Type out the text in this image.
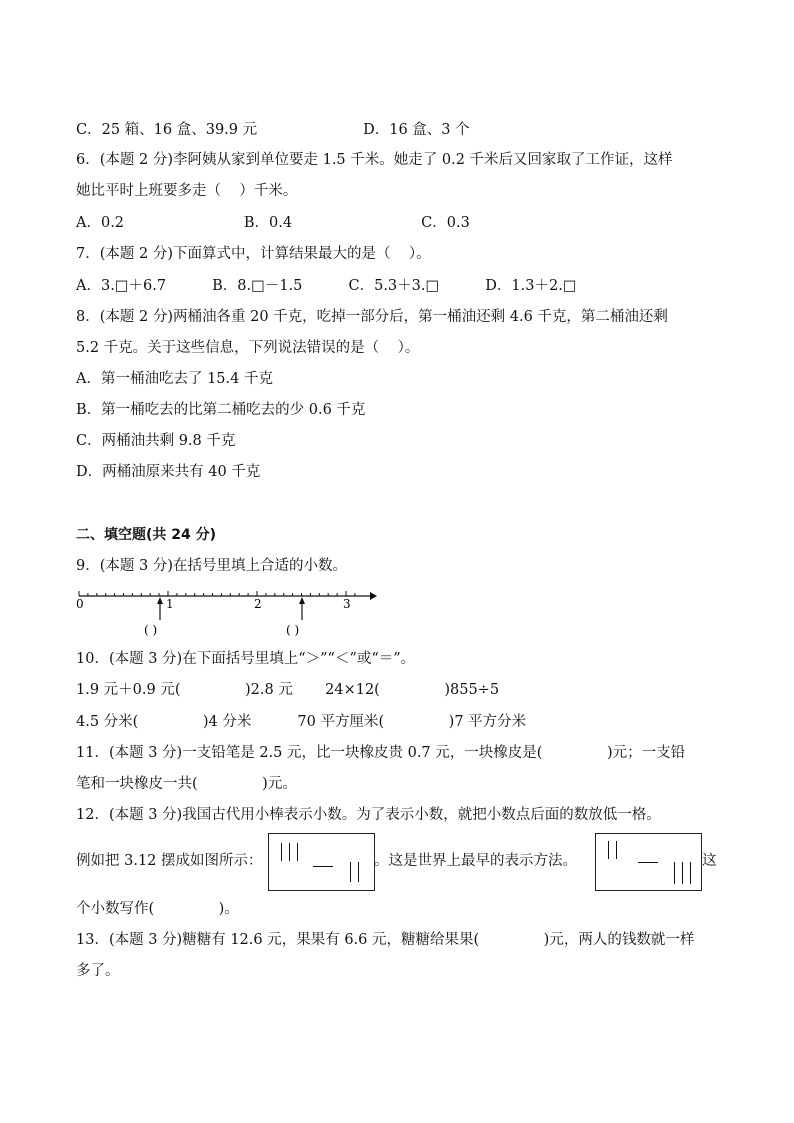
C．25 箱、16 盒、39.9 元                       D．16 盒、3 个
6．(本题 2 分)李阿姨从家到单位要走 1.5 千米。她走了 0.2 千米后又回家取了工作证，这样
她比平时上班要多走（    ）千米。
A．0.2                          B．0.4                            C．0.3
7．(本题 2 分)下面算式中，计算结果最大的是（    ）。
A．3.□＋6.7          B．8.□－1.5          C．5.3＋3.□          D．1.3＋2.□
8．(本题 2 分)两桶油各重 20 千克，吃掉一部分后，第一桶油还剩 4.6 千克，第二桶油还剩
5.2 千克。关于这些信息，下列说法错误的是（    ）。
A．第一桶油吃去了 15.4 千克
B．第一桶吃去的比第二桶吃去的少 0.6 千克
C．两桶油共剩 9.8 千克
D．两桶油原来共有 40 千克
二、填空题(共 24 分)
9．(本题 3 分)在括号里填上合适的小数。
0	1	2	3
( )	( )
10．(本题 3 分)在下面括号里填上“＞”“＜”或“＝”。
1.9 元＋0.9 元(              )2.8 元       24×12(              )855÷5
4.5 分米(              )4 分米          70 平方厘米(              )7 平方分米
11．(本题 3 分)一支铅笔是 2.5 元，比一块橡皮贵 0.7 元，一块橡皮是(              )元；一支铅
笔和一块橡皮一共(              )元。
12．(本题 3 分)我国古代用小棒表示小数。为了表示小数，就把小数点后面的数放低一格。
例如把 3.12 摆成如图所示：	。这是世界上最早的表示方法。	这
个小数写作(              )。
13．(本题 3 分)糖糖有 12.6 元，果果有 6.6 元，糖糖给果果(              )元，两人的钱数就一样
多了。
